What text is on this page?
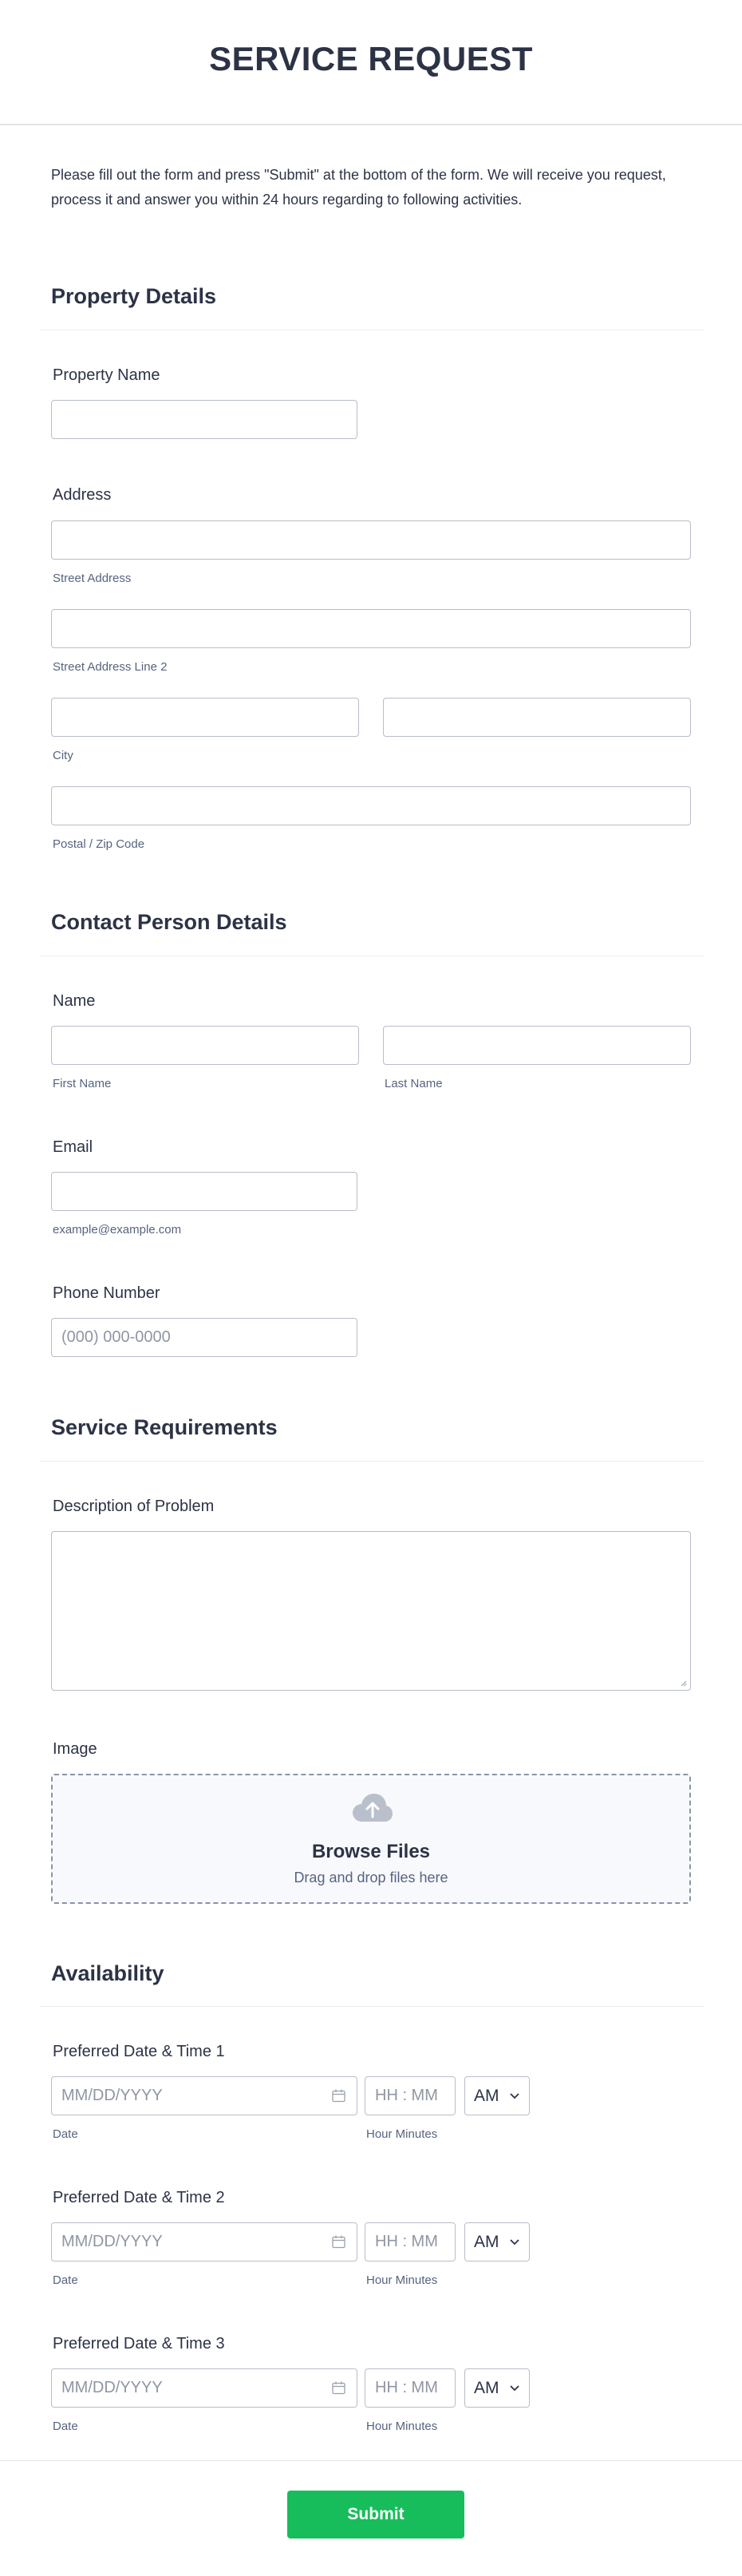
SERVICE REQUEST
Please fill out the form and press "Submit" at the bottom of the form. We will receive you request, process it and answer you within 24 hours regarding to following activities.
Property Details
Property Name
Address
Street Address
Street Address Line 2
City
Postal / Zip Code
Contact Person Details
Name
First Name	Last Name
Email
example@example.com
Phone Number
(000) 000-0000
Service Requirements
Description of Problem
Image
Browse Files
Drag and drop files here
Availability
Preferred Date & Time 1
MM/DD/YYYY	HH : MM	AM
Date	Hour Minutes
Preferred Date & Time 2
MM/DD/YYYY	HH : MM	AM
Date	Hour Minutes
Preferred Date & Time 3
MM/DD/YYYY	HH : MM	AM
Date	Hour Minutes
Submit
